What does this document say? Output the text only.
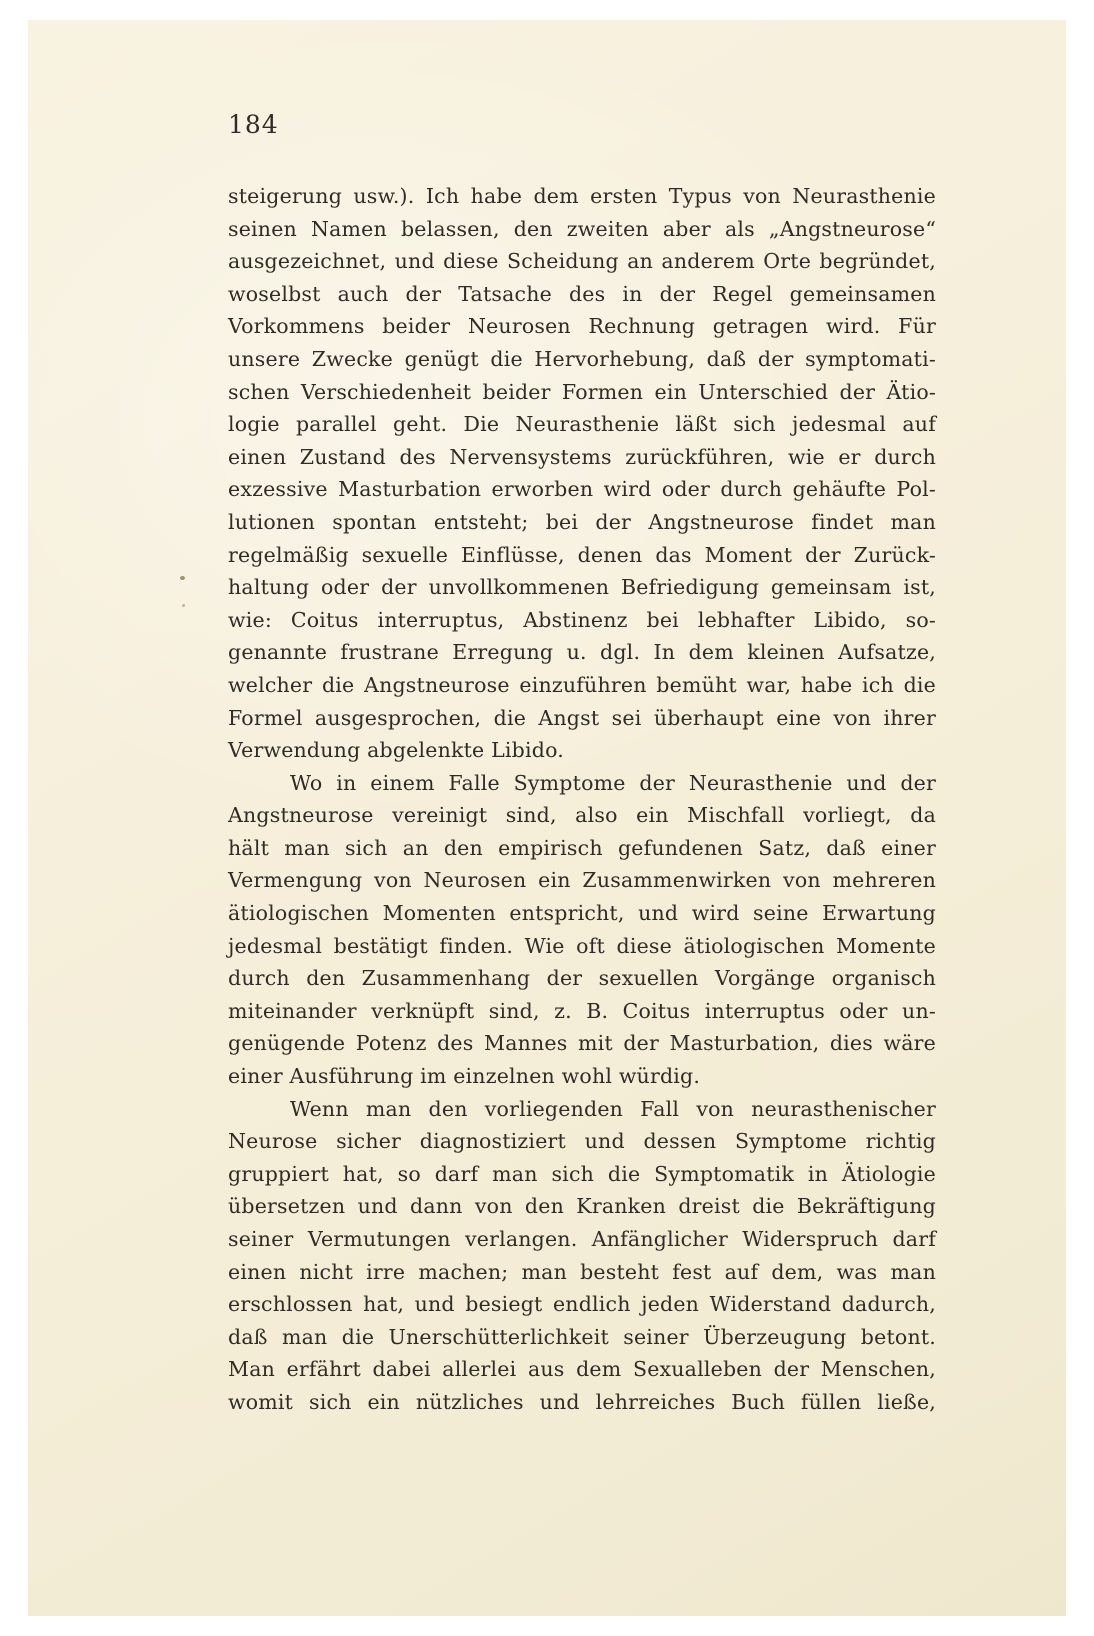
184
steigerung usw.). Ich habe dem ersten Typus von Neurasthenie
seinen Namen belassen, den zweiten aber als „Angstneurose“
ausgezeichnet, und diese Scheidung an anderem Orte begründet,
woselbst auch der Tatsache des in der Regel gemeinsamen
Vorkommens beider Neurosen Rechnung getragen wird. Für
unsere Zwecke genügt die Hervorhebung, daß der symptomati-
schen Verschiedenheit beider Formen ein Unterschied der Ätio-
logie parallel geht. Die Neurasthenie läßt sich jedesmal auf
einen Zustand des Nervensystems zurückführen, wie er durch
exzessive Masturbation erworben wird oder durch gehäufte Pol-
lutionen spontan entsteht; bei der Angstneurose findet man
regelmäßig sexuelle Einflüsse, denen das Moment der Zurück-
haltung oder der unvollkommenen Befriedigung gemeinsam ist,
wie: Coitus interruptus, Abstinenz bei lebhafter Libido, so-
genannte frustrane Erregung u. dgl. In dem kleinen Aufsatze,
welcher die Angstneurose einzuführen bemüht war, habe ich die
Formel ausgesprochen, die Angst sei überhaupt eine von ihrer
Verwendung abgelenkte Libido.
Wo in einem Falle Symptome der Neurasthenie und der
Angstneurose vereinigt sind, also ein Mischfall vorliegt, da
hält man sich an den empirisch gefundenen Satz, daß einer
Vermengung von Neurosen ein Zusammenwirken von mehreren
ätiologischen Momenten entspricht, und wird seine Erwartung
jedesmal bestätigt finden. Wie oft diese ätiologischen Momente
durch den Zusammenhang der sexuellen Vorgänge organisch
miteinander verknüpft sind, z. B. Coitus interruptus oder un-
genügende Potenz des Mannes mit der Masturbation, dies wäre
einer Ausführung im einzelnen wohl würdig.
Wenn man den vorliegenden Fall von neurasthenischer
Neurose sicher diagnostiziert und dessen Symptome richtig
gruppiert hat, so darf man sich die Symptomatik in Ätiologie
übersetzen und dann von den Kranken dreist die Bekräftigung
seiner Vermutungen verlangen. Anfänglicher Widerspruch darf
einen nicht irre machen; man besteht fest auf dem, was man
erschlossen hat, und besiegt endlich jeden Widerstand dadurch,
daß man die Unerschütterlichkeit seiner Überzeugung betont.
Man erfährt dabei allerlei aus dem Sexualleben der Menschen,
womit sich ein nützliches und lehrreiches Buch füllen ließe,
